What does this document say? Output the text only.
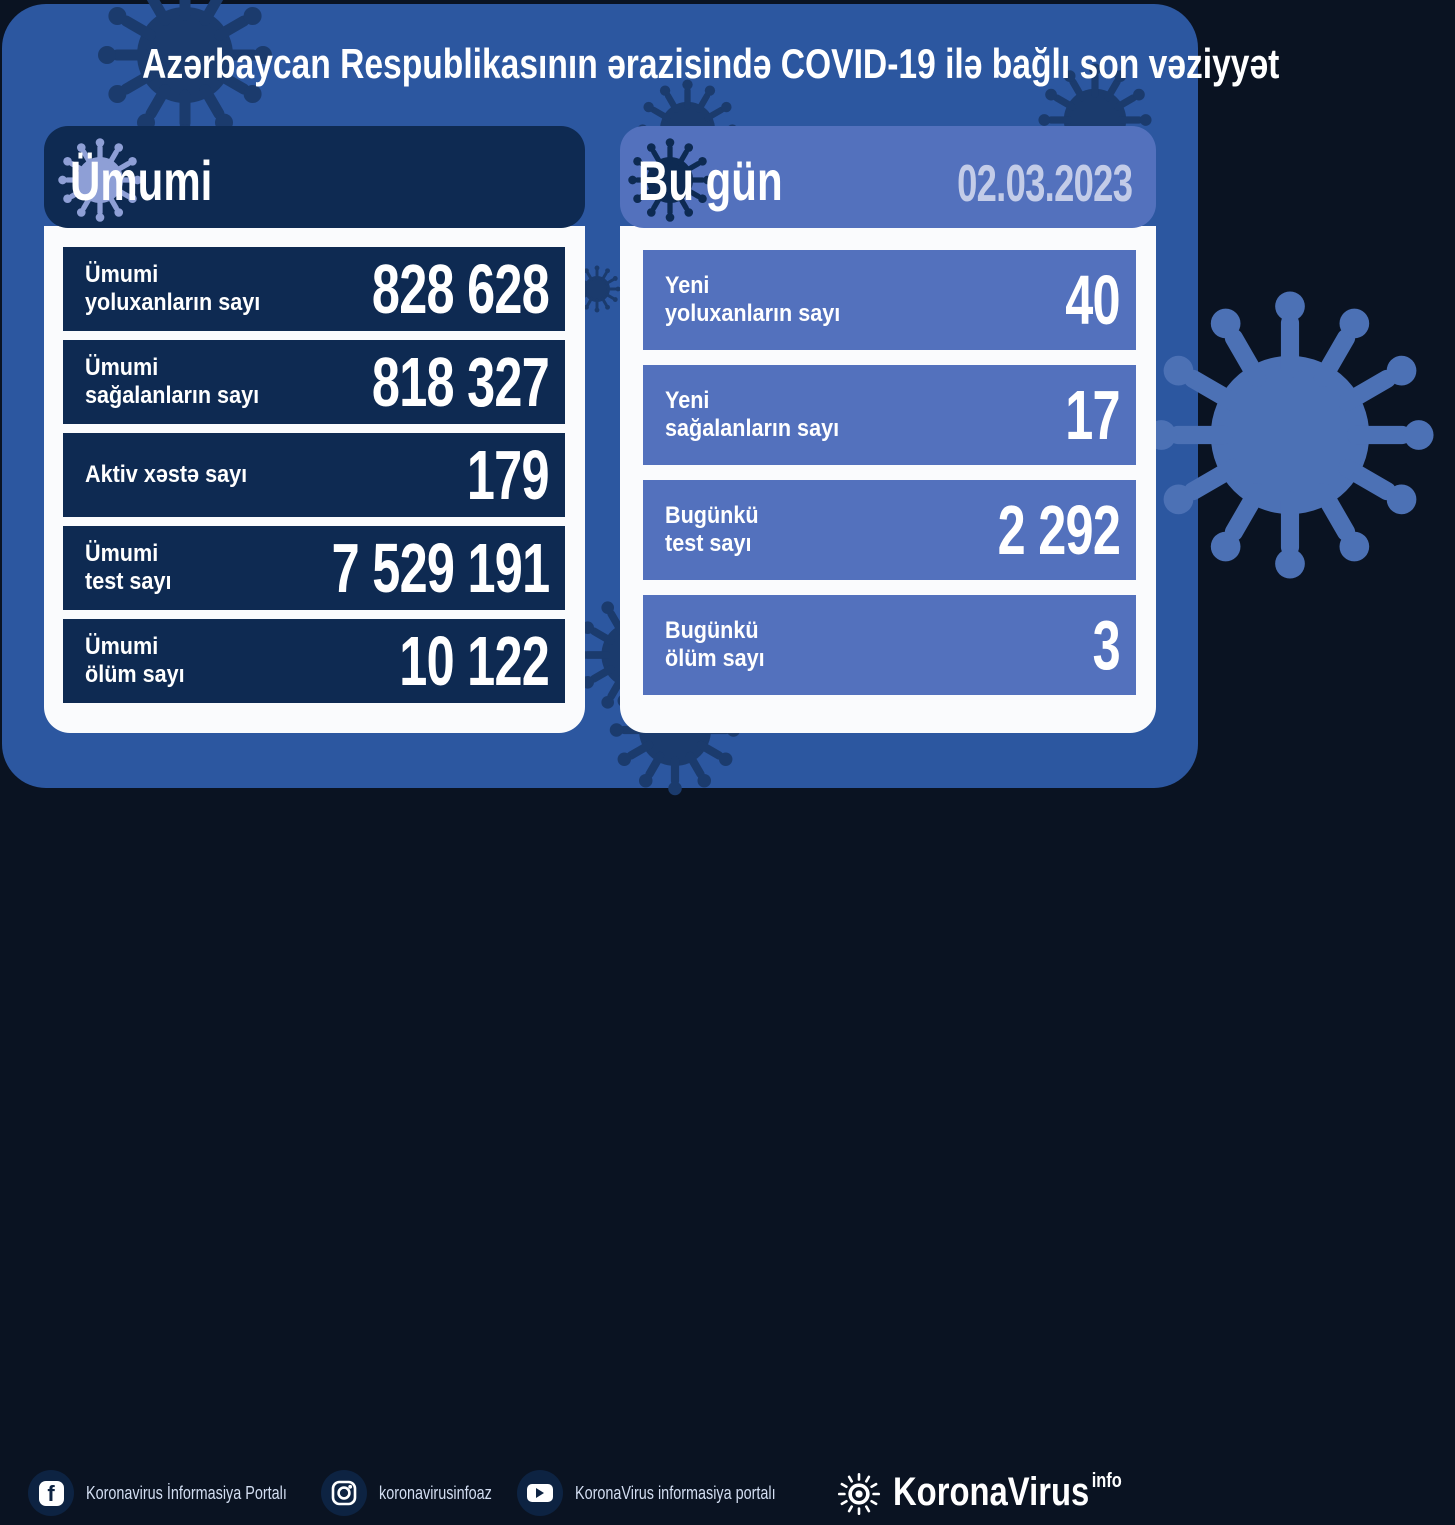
Azərbaycan Respublikasının ərazisində COVID-19 ilə bağlı son vəziyyət
Ümumi
Ümumi
yoluxanların sayı 828 628
Ümumi
sağalanların sayı 818 327
Aktiv xəstə sayı	179
Ümumi
test sayı 7 529 191
Ümumi
ölüm sayı	10 122
Bu gün	02.03.2023
Yeni
yoluxanların sayı	40
Yeni
sağalanların sayı	17
Bugünkü
test sayı	2 292
Bugünkü
ölüm sayı	3
f Koronavirus İnformasiya Portalı	koronavirusinfoaz	KoronaVirus informasiya portalı	KoronaVirus $^{info}$
